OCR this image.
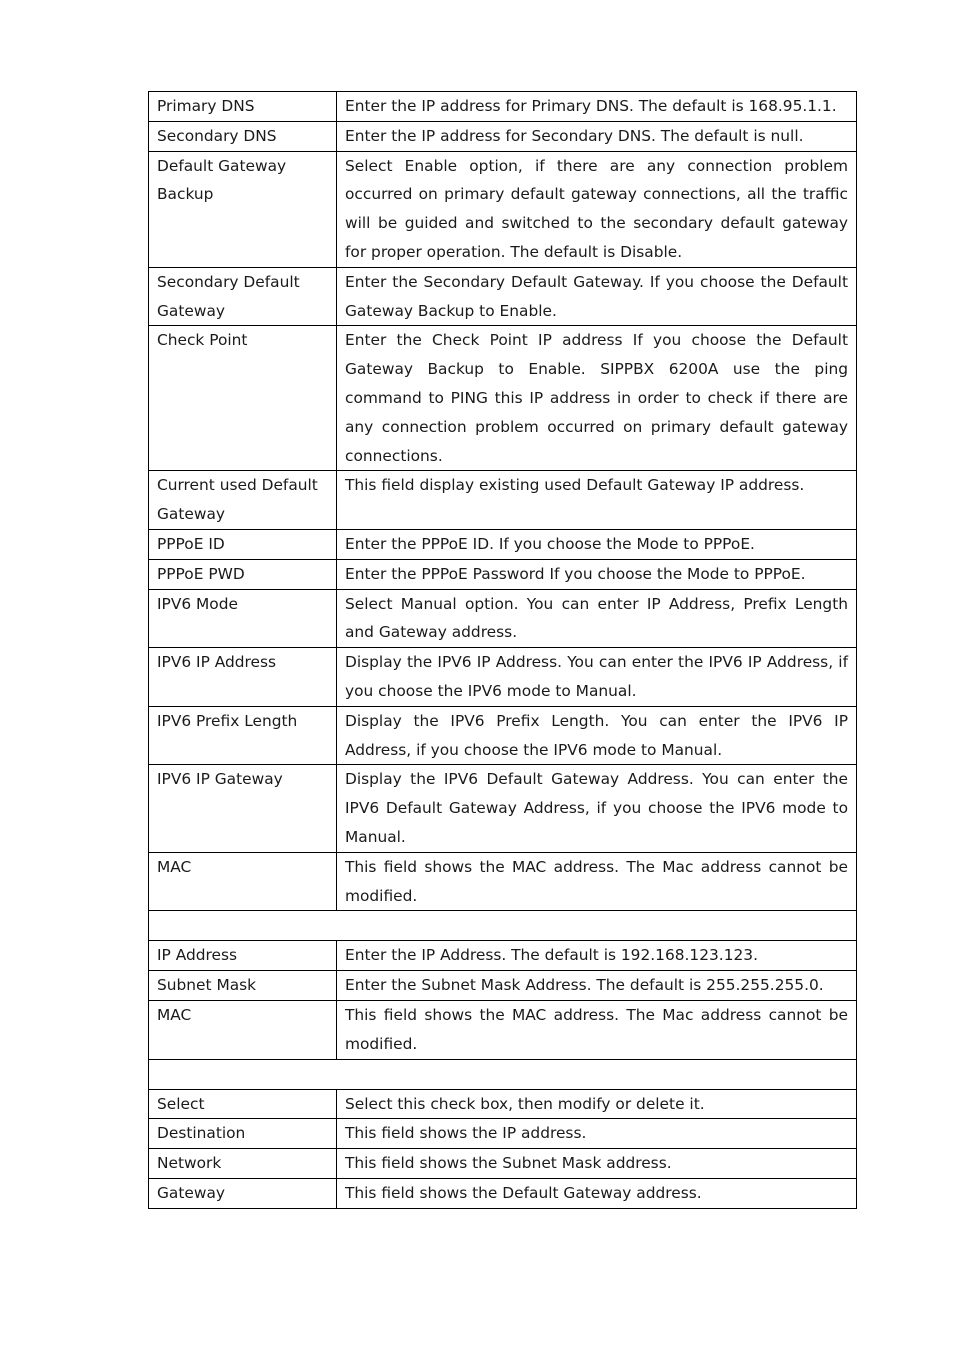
Primary DNS	Enter the IP address for Primary DNS. The default is 168.95.1.1.
Secondary DNS	Enter the IP address for Secondary DNS. The default is null.
Default Gateway Backup	Select Enable option, if there are any connection problem occurred on primary default gateway connections, all the traffic will be guided and switched to the secondary default gateway for proper operation. The default is Disable.
Secondary Default Gateway	Enter the Secondary Default Gateway. If you choose the Default Gateway Backup to Enable.
Check Point	Enter the Check Point IP address If you choose the Default Gateway Backup to Enable. SIPPBX 6200A use the ping command to PING this IP address in order to check if there are any connection problem occurred on primary default gateway connections.
Current used Default Gateway	This field display existing used Default Gateway IP address.
PPPoE ID	Enter the PPPoE ID. If you choose the Mode to PPPoE.
PPPoE PWD	Enter the PPPoE Password If you choose the Mode to PPPoE.
IPV6 Mode	Select Manual option. You can enter IP Address, Prefix Length and Gateway address.
IPV6 IP Address	Display the IPV6 IP Address. You can enter the IPV6 IP Address, if you choose the IPV6 mode to Manual.
IPV6 Prefix Length	Display the IPV6 Prefix Length. You can enter the IPV6 IP Address, if you choose the IPV6 mode to Manual.
IPV6 IP Gateway	Display the IPV6 Default Gateway Address. You can enter the IPV6 Default Gateway Address, if you choose the IPV6 mode to Manual.
MAC	This field shows the MAC address. The Mac address cannot be modified.

IP Address	Enter the IP Address. The default is 192.168.123.123.
Subnet Mask	Enter the Subnet Mask Address. The default is 255.255.255.0.
MAC	This field shows the MAC address. The Mac address cannot be modified.

Select	Select this check box, then modify or delete it.
Destination	This field shows the IP address.
Network	This field shows the Subnet Mask address.
Gateway	This field shows the Default Gateway address.
